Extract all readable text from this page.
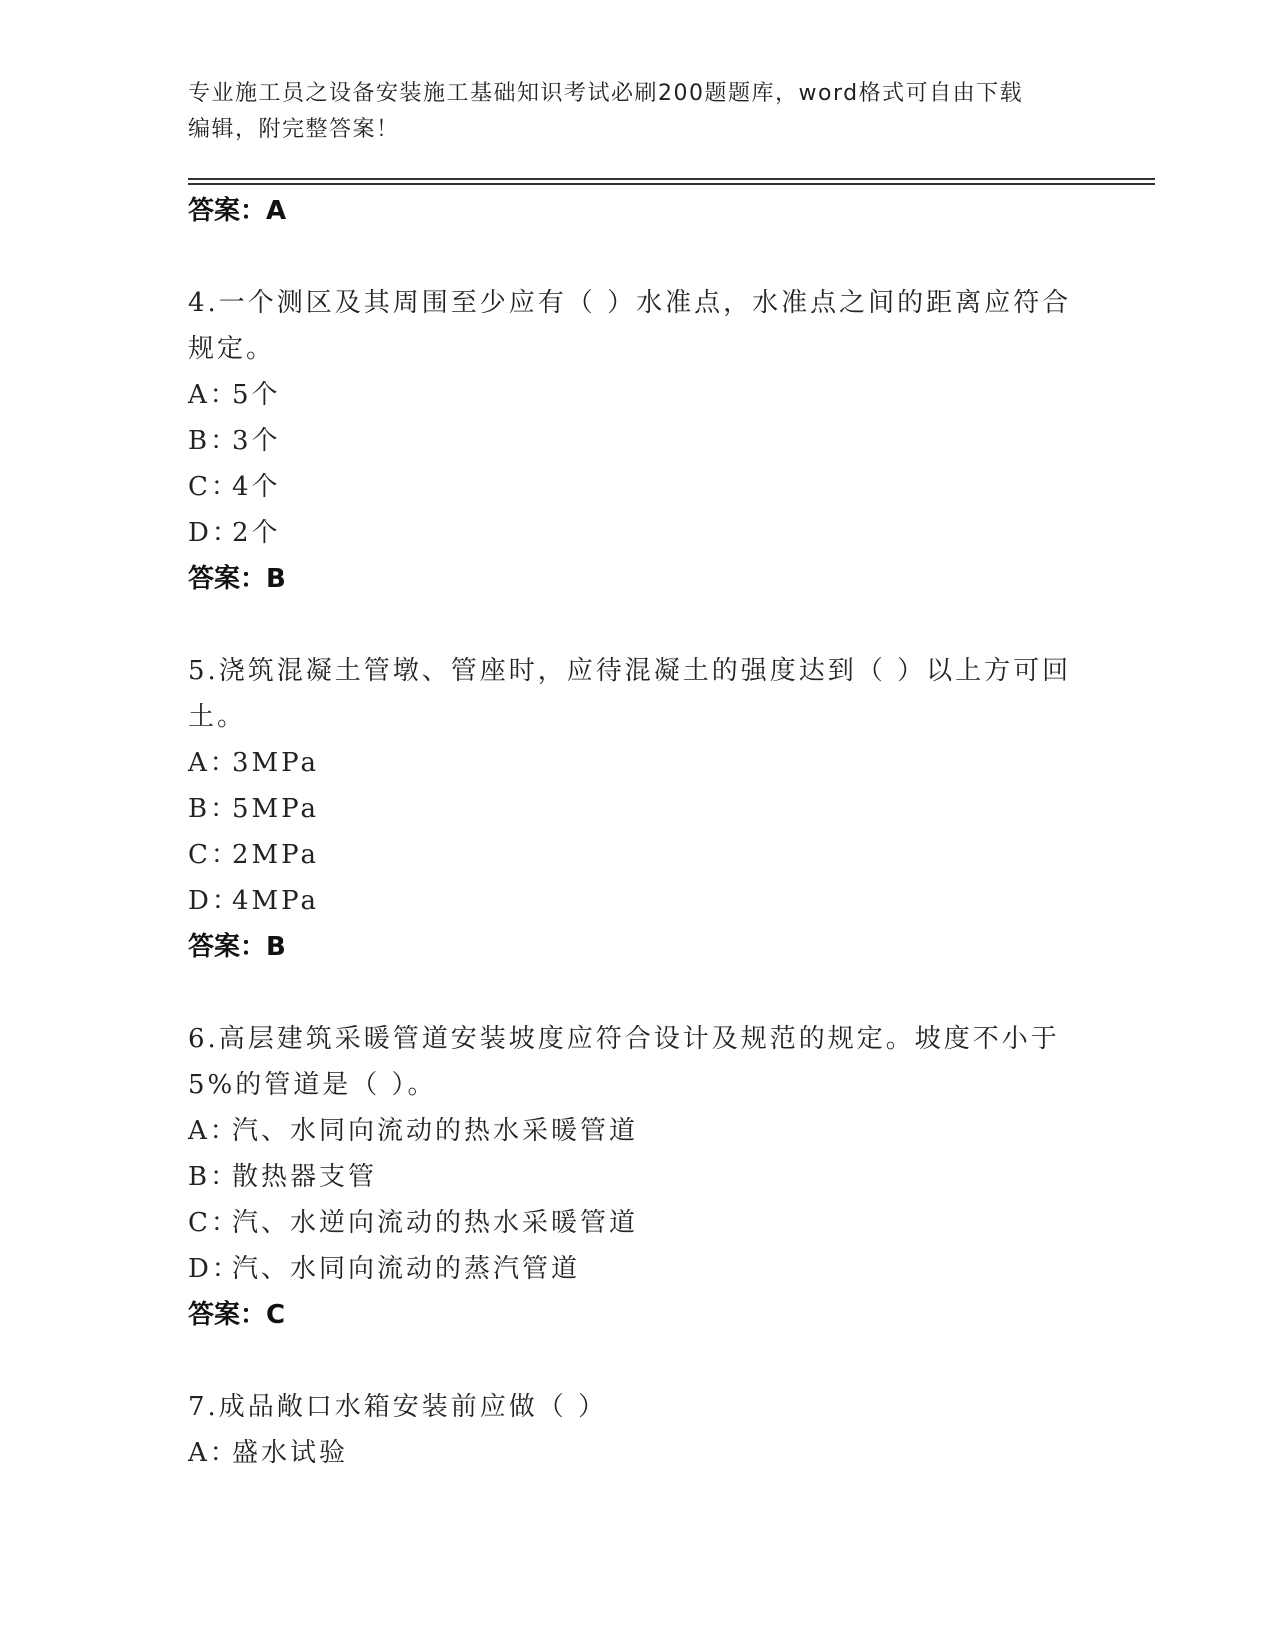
专业施工员之设备安装施工基础知识考试必刷200题题库，word格式可自由下载
编辑，附完整答案！
答案：A
4.一个测区及其周围至少应有（ ）水准点，水准点之间的距离应符合
规定。
A：5个
B：3个
C：4个
D：2个
答案：B
5.浇筑混凝土管墩、管座时，应待混凝土的强度达到（ ）以上方可回
土。
A：3MPa
B：5MPa
C：2MPa
D：4MPa
答案：B
6.高层建筑采暖管道安装坡度应符合设计及规范的规定。坡度不小于
5%的管道是（ ）。
A：汽、水同向流动的热水采暖管道
B：散热器支管
C：汽、水逆向流动的热水采暖管道
D：汽、水同向流动的蒸汽管道
答案：C
7.成品敞口水箱安装前应做（ ）
A：盛水试验
